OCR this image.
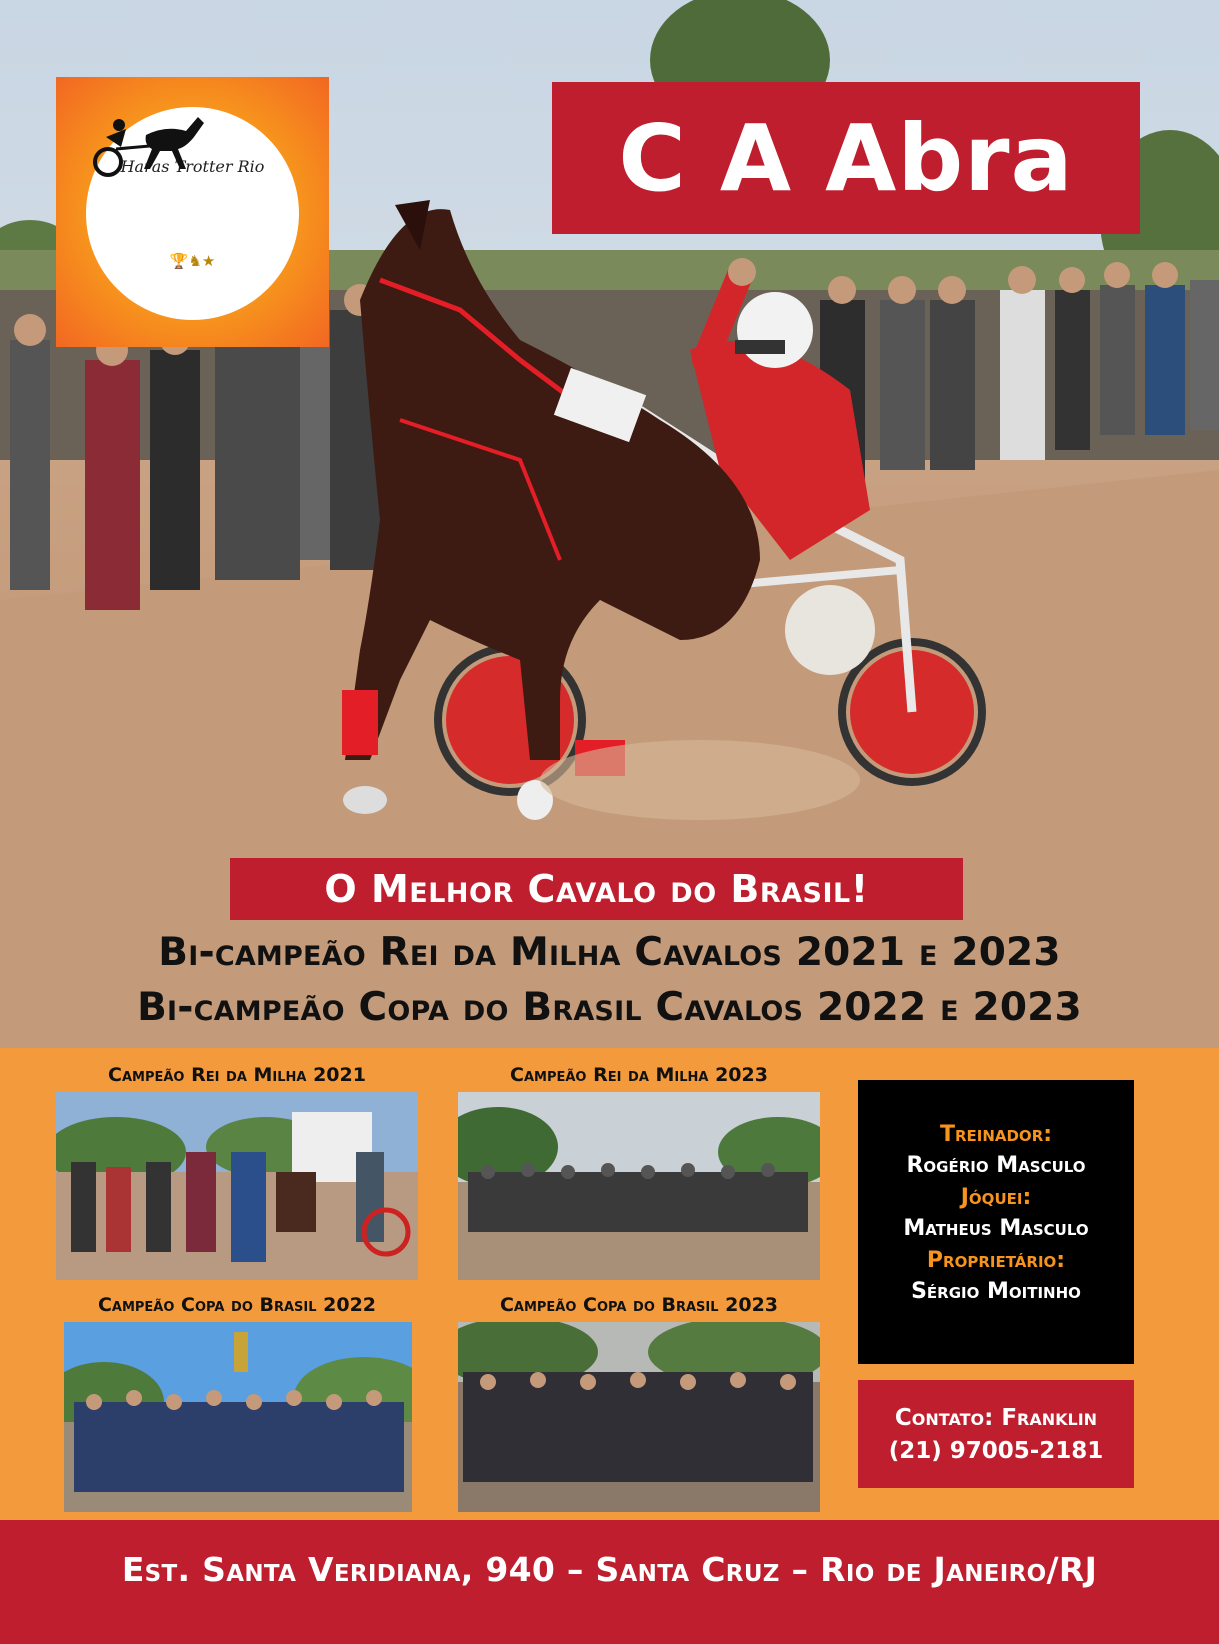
Haras Trotter Rio
🏆♞★
C A Abra
O Melhor Cavalo do Brasil!
Bi-campeão Rei da Milha Cavalos 2021 e 2023
Bi-campeão Copa do Brasil Cavalos 2022 e 2023
Campeão Rei da Milha 2021	Campeão Rei da Milha 2023
Campeão Copa do Brasil 2022	Campeão Copa do Brasil 2023
Treinador:
Rogério Masculo
Jóquei:
Matheus Masculo
Proprietário:
Sérgio Moitinho
Contato: Franklin
(21) 97005-2181
Est. Santa Veridiana, 940 – Santa Cruz – Rio de Janeiro/RJ
